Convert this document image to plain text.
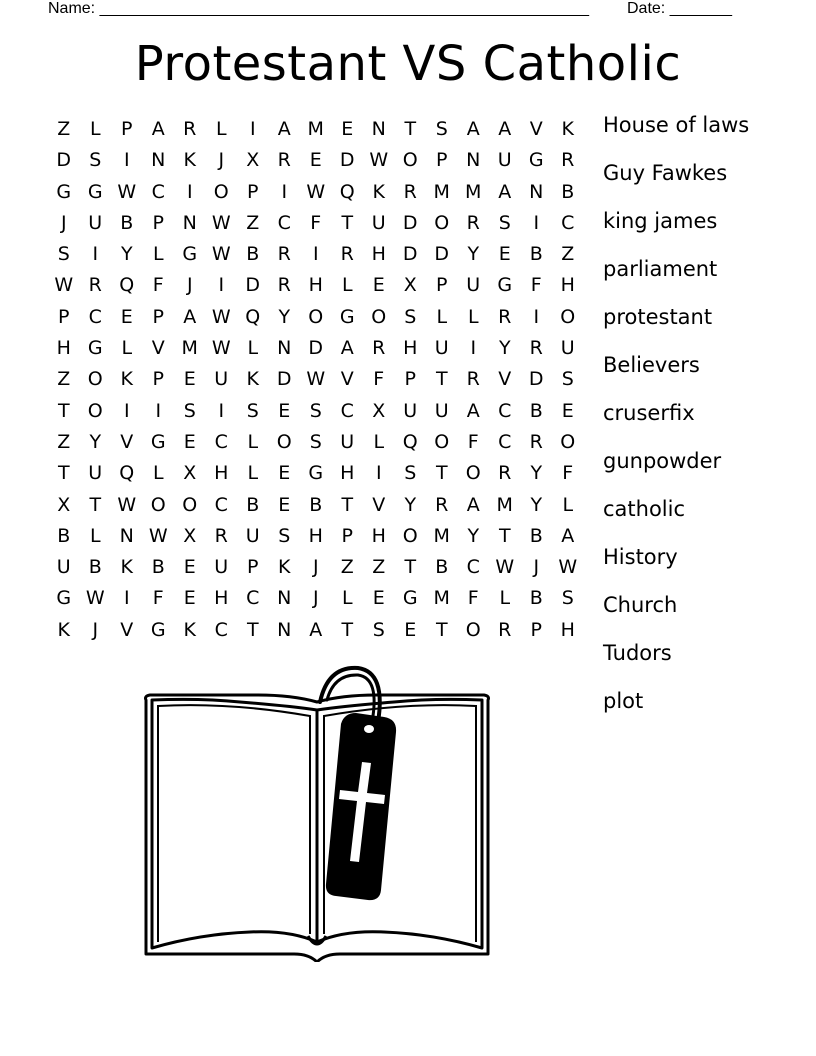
Name: _______________________________________________________ Date: _______
Protestant VS Catholic
Z	L	P	A R	L	I	A M E N T	S A A V K
D S	I	N K	J	X R E D W O P N U G R
G G W C	I	O P	I	W Q K R M M A N B
J	U B	P N W Z C	F	T U D O R S	I	C
S	I	Y	L G W B R	I	R H D D Y	E B Z
W R Q F	J	I	D R H	L	E X	P U G F H
P	C E	P	A W Q Y O G O S	L	L	R	I	O
H G L	V M W L	N D A R H U	I	Y	R U
Z O K	P	E U K D W V	F	P	T	R V D S
T O	I	I	S	I	S	E	S C X U U A C B E
Z	Y	V G E C	L O S U	L Q O F	C R O
T U Q L	X H	L	E G H	I	S	T O R	Y	F
X	T W O O C B E B	T	V	Y	R A M Y	L
B	L	N W X R U S H P H O M Y	T	B A
U B K B E U P	K	J	Z Z	T	B C W	J	W
G W	I	F	E H C N	J	L	E G M F	L	B S
K	J	V G K C	T N A	T	S	E	T O R	P H
House of laws
Guy Fawkes
king james
parliament
protestant
Believers
cruserfix
gunpowder
catholic
History
Church
Tudors
plot
